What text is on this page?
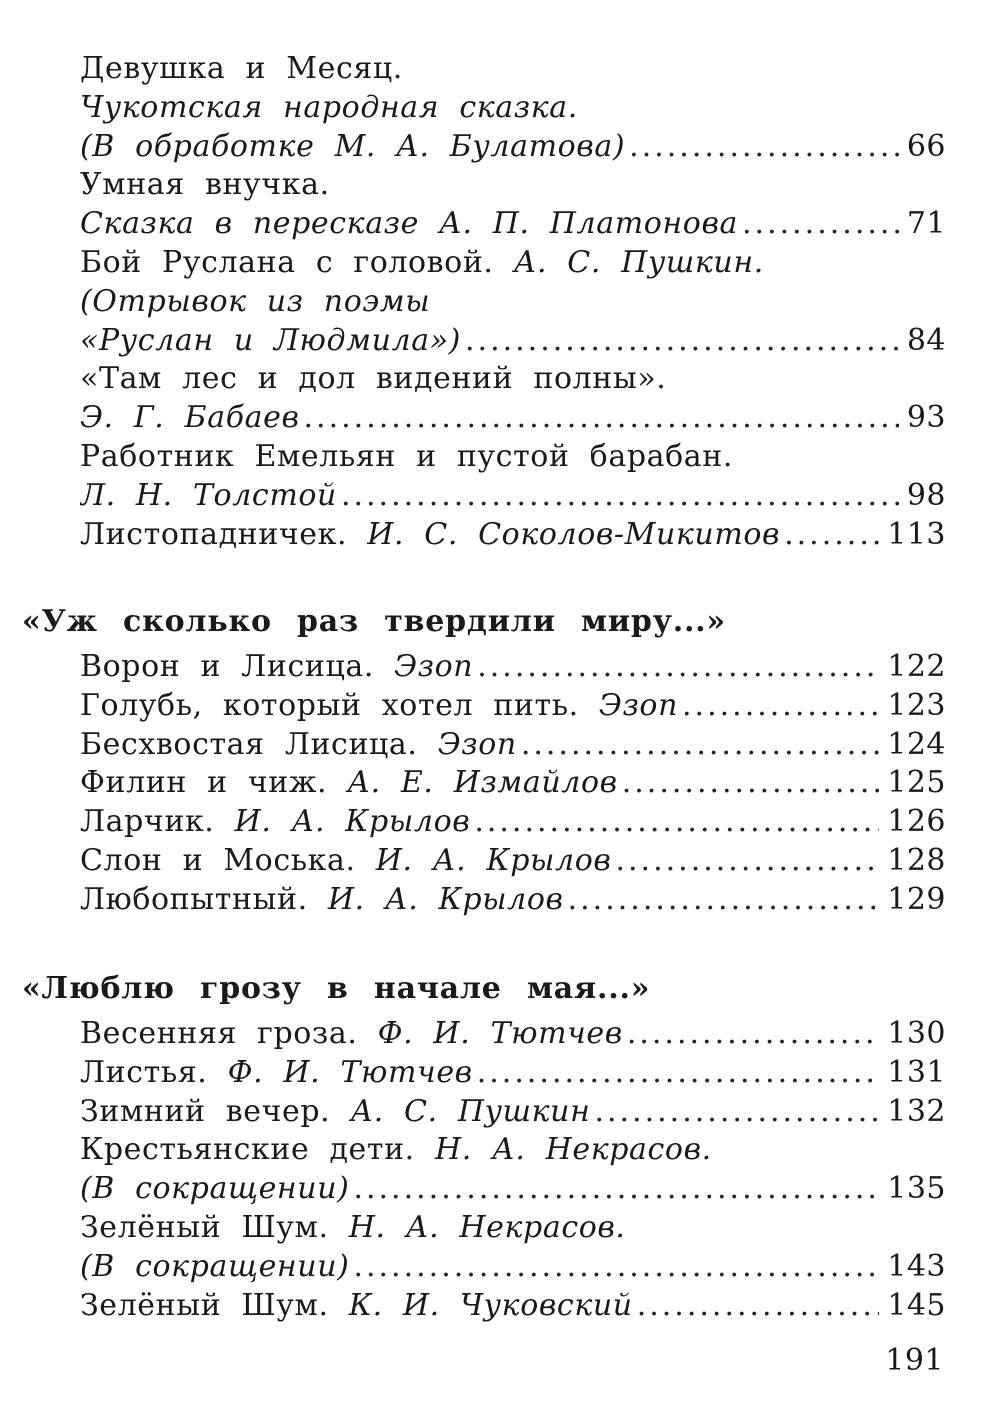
Девушка и Месяц.
Чукотская народная сказка.
(В обработке М. А. Булатова) .....	66
Умная внучка.
Сказка в пересказе А. П. Платонова .....	71
Бой Руслана с головой. А. С. Пушкин.
(Отрывок из поэмы
«Руслан и Людмила») .....	84
«Там лес и дол видений полны».
Э. Г. Бабаев .....	93
Работник Емельян и пустой барабан.
Л. Н. Толстой .....	98
Листопадничек. И. С. Соколов-Микитов .....	113
«Уж сколько раз твердили миру...»
Ворон и Лисица. Эзоп .....	122
Голубь, который хотел пить. Эзоп .....	123
Бесхвостая Лисица. Эзоп .....	124
Филин и чиж. А. Е. Измайлов .....	125
Ларчик. И. А. Крылов .....	126
Слон и Моська. И. А. Крылов .....	128
Любопытный. И. А. Крылов .....	129
«Люблю грозу в начале мая...»
Весенняя гроза. Ф. И. Тютчев .....	130
Листья. Ф. И. Тютчев .....	131
Зимний вечер. А. С. Пушкин .....	132
Крестьянские дети. Н. А. Некрасов.
(В сокращении) .....	135
Зелёный Шум. Н. А. Некрасов.
(В сокращении) .....	143
Зелёный Шум. К. И. Чуковский .....	145
191
